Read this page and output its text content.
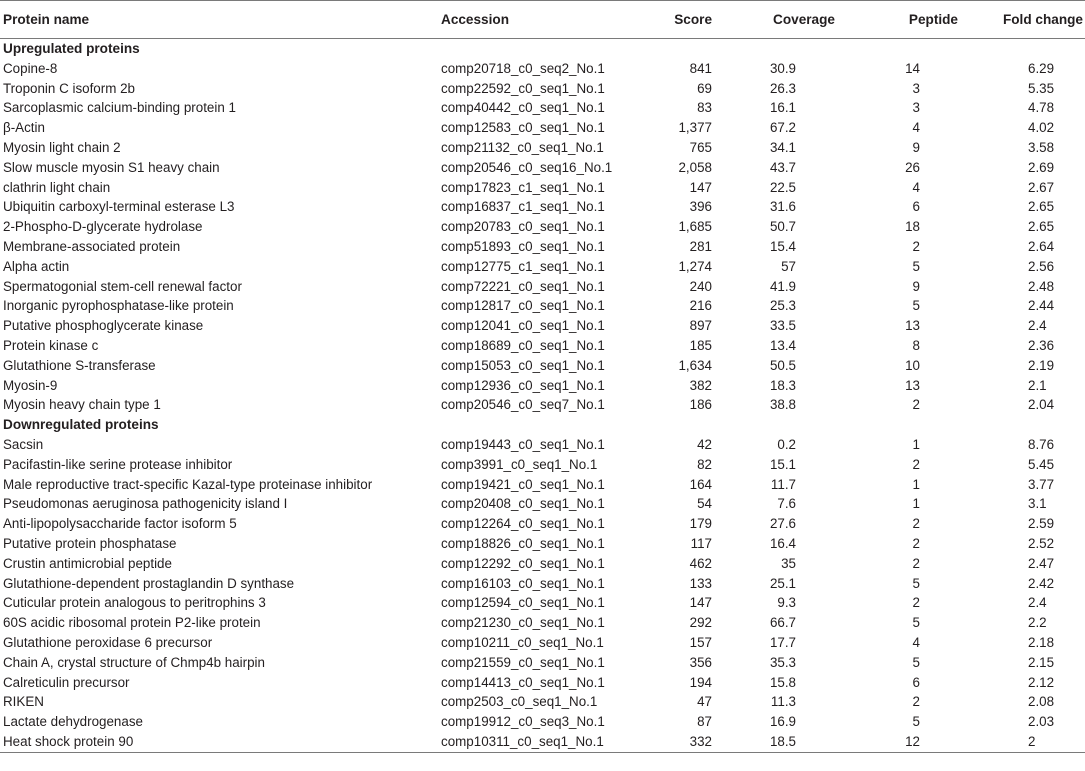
Protein name	Accession	Score	Coverage	Peptide	Fold change
Upregulated proteins					
Copine-8	comp20718_c0_seq2_No.1	841	30.9	14	6.29
Troponin C isoform 2b	comp22592_c0_seq1_No.1	69	26.3	3	5.35
Sarcoplasmic calcium-binding protein 1	comp40442_c0_seq1_No.1	83	16.1	3	4.78
β-Actin	comp12583_c0_seq1_No.1	1,377	67.2	4	4.02
Myosin light chain 2	comp21132_c0_seq1_No.1	765	34.1	9	3.58
Slow muscle myosin S1 heavy chain	comp20546_c0_seq16_No.1	2,058	43.7	26	2.69
clathrin light chain	comp17823_c1_seq1_No.1	147	22.5	4	2.67
Ubiquitin carboxyl-terminal esterase L3	comp16837_c1_seq1_No.1	396	31.6	6	2.65
2-Phospho-D-glycerate hydrolase	comp20783_c0_seq1_No.1	1,685	50.7	18	2.65
Membrane-associated protein	comp51893_c0_seq1_No.1	281	15.4	2	2.64
Alpha actin	comp12775_c1_seq1_No.1	1,274	57	5	2.56
Spermatogonial stem-cell renewal factor	comp72221_c0_seq1_No.1	240	41.9	9	2.48
Inorganic pyrophosphatase-like protein	comp12817_c0_seq1_No.1	216	25.3	5	2.44
Putative phosphoglycerate kinase	comp12041_c0_seq1_No.1	897	33.5	13	2.4
Protein kinase c	comp18689_c0_seq1_No.1	185	13.4	8	2.36
Glutathione S-transferase	comp15053_c0_seq1_No.1	1,634	50.5	10	2.19
Myosin-9	comp12936_c0_seq1_No.1	382	18.3	13	2.1
Myosin heavy chain type 1	comp20546_c0_seq7_No.1	186	38.8	2	2.04
Downregulated proteins					
Sacsin	comp19443_c0_seq1_No.1	42	0.2	1	8.76
Pacifastin-like serine protease inhibitor	comp3991_c0_seq1_No.1	82	15.1	2	5.45
Male reproductive tract-specific Kazal-type proteinase inhibitor	comp19421_c0_seq1_No.1	164	11.7	1	3.77
Pseudomonas aeruginosa pathogenicity island I	comp20408_c0_seq1_No.1	54	7.6	1	3.1
Anti-lipopolysaccharide factor isoform 5	comp12264_c0_seq1_No.1	179	27.6	2	2.59
Putative protein phosphatase	comp18826_c0_seq1_No.1	117	16.4	2	2.52
Crustin antimicrobial peptide	comp12292_c0_seq1_No.1	462	35	2	2.47
Glutathione-dependent prostaglandin D synthase	comp16103_c0_seq1_No.1	133	25.1	5	2.42
Cuticular protein analogous to peritrophins 3	comp12594_c0_seq1_No.1	147	9.3	2	2.4
60S acidic ribosomal protein P2-like protein	comp21230_c0_seq1_No.1	292	66.7	5	2.2
Glutathione peroxidase 6 precursor	comp10211_c0_seq1_No.1	157	17.7	4	2.18
Chain A, crystal structure of Chmp4b hairpin	comp21559_c0_seq1_No.1	356	35.3	5	2.15
Calreticulin precursor	comp14413_c0_seq1_No.1	194	15.8	6	2.12
RIKEN	comp2503_c0_seq1_No.1	47	11.3	2	2.08
Lactate dehydrogenase	comp19912_c0_seq3_No.1	87	16.9	5	2.03
Heat shock protein 90	comp10311_c0_seq1_No.1	332	18.5	12	2
